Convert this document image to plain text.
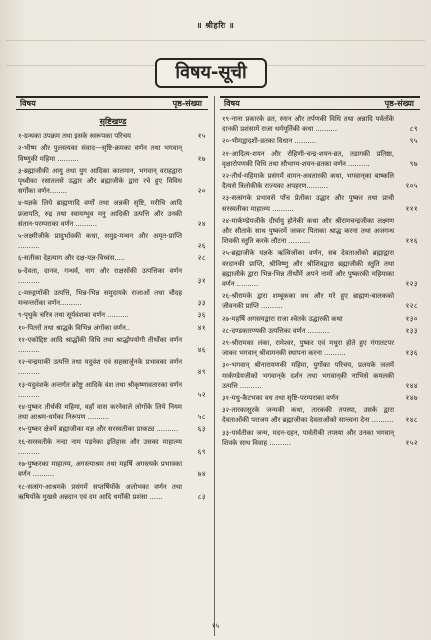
॥ श्रीहरिः ॥
विषय-सूची
विषय	पृष्ठ-संख्या	विषय	पृष्ठ-संख्या
सृष्टिखण्ड
१-ग्रन्थका उपक्रम तथा इसके स्वरूपका परिचय	१५
२-भीष्म और पुलस्त्यका संवाद—सृष्टि-क्रमका वर्णन तथा भगवान् विष्णुकी महिमा ..........	१७
३-ब्रह्माजीकी आयु तथा युग आदिका कालमान, भगवान् वराहद्वारा पृथ्वीका रसातलसे उद्धार और ब्रह्माजीके द्वारा रचे हुए विविध सर्गोंका वर्णन........	२०
४-यज्ञके लिये ब्राह्मणादि वर्णों तथा अन्नकी सृष्टि, मरीचि आदि प्रजापति, रुद्र तथा स्वायम्भुव मनु आदिकी उत्पत्ति और उनकी संतान-परम्पराका वर्णन ..........	२४
५-लक्ष्मीजीके प्रादुर्भावकी कथा, समुद्र-मन्थन और अमृत-प्राप्ति ..........	२६
६-सतीका देहत्याग और दक्ष-यज्ञ-विध्वंस.....	२८
७-देवता, दानव, गन्धर्व, नाग और राक्षसोंकी उत्पत्तिका वर्णन ..........	३१
८-मरुद्गणोंकी उत्पत्ति, भिन्न-भिन्न समुदायके राजाओं तथा चौदह मन्वन्तरोंका वर्णन..........	३३
९-पृथुके चरित्र तथा सूर्यवंशका वर्णन ..........	३६
१०-पितरों तथा श्राद्धके विभिन्न अंगोंका वर्णन..	४१
११-एकोद्दिष्ट आदि श्राद्धोंकी विधि तथा श्राद्धोपयोगी तीर्थोंका वर्णन ..........	४६
१२-चन्द्रमाकी उत्पत्ति तथा यदुवंश एवं सहस्रार्जुनके प्रभावका वर्णन ..........	४९
१३-यदुवंशके अन्तर्गत क्रोष्टु आदिके वंश तथा श्रीकृष्णावतारका वर्णन ..........	५२
१४-पुष्कर तीर्थकी महिमा, वहाँ वास करनेवाले लोगोंके लिये नियम तथा आश्रम-धर्मका निरूपण ..........	५८
१५-पुष्कर क्षेत्रमें ब्रह्माजीका यज्ञ और सरस्वतीका प्राकट्य ..........	६३
१६-सरस्वतीके नन्दा नाम पड़नेका इतिहास और उसका माहात्म्य ..........	६९
१७-पुष्करका माहात्म्य, अगस्त्याश्रम तथा महर्षि अगस्त्यके प्रभावका वर्णन ..........	७४
१८-सत्संग-आश्रमके प्रसंगमें सप्तर्षियोंके अलोभका वर्णन तथा ऋषियोंके मुखसे अन्नदान एवं दम आदि धर्मोंकी प्रशंसा ......	८३
१९-नाना प्रकारके व्रत, स्नान और तर्पणकी विधि तथा अन्नादि पर्वतोंके दानकी प्रशंसामें राजा धर्ममूर्तिकी कथा ..........	८९
२०-भीमद्वादशी-व्रतका विधान ..........	९५
२१-आदित्य-शयन और रोहिणी-चन्द्र-शयन-व्रत, तडागकी प्रतिष्ठा, वृक्षारोपणकी विधि तथा सौभाग्य-शयन-व्रतका वर्णन ..........	९७
२२-तीर्थ-महिमाके प्रसंगमें वामन-अवतारकी कथा, भगवान्‌का बाष्कलि दैत्यसे त्रिलोकीके राज्यका अपहरण..........	१०५
२३-सत्संगके प्रभावसे पाँच प्रेतोंका उद्धार और पुष्कर तथा प्राची सरस्वतीका माहात्म्य ..........	१११
२४-मार्कण्डेयजीके दीर्घायु होनेकी कथा और श्रीरामचन्द्रजीका लक्ष्मण और सीताके साथ पुष्करमें जाकर पिताका श्राद्ध करना तथा अजगन्ध शिवकी स्तुति करके लौटना ..........	११६
२५-ब्रह्माजीके यज्ञके ऋत्विजोंका वर्णन, सब देवताओंको ब्रह्माद्वारा वरदानकी प्राप्ति, श्रीविष्णु और श्रीशिवद्वारा ब्रह्माजीकी स्तुति तथा ब्रह्माजीके द्वारा भिन्न-भिन्न तीर्थोंमें अपने नामों और पुष्करकी महिमाका वर्णन ..........	१२३
२६-श्रीरामके द्वारा शम्बूकका वध और मरे हुए ब्राह्मण-बालकको जीवनकी प्राप्ति ..........	१२८
२७-महर्षि अगस्त्यद्वारा राजा श्वेतके उद्धारकी कथा	१३०
२८-दण्डकारण्यकी उत्पत्तिका वर्णन ..........	१३३
२९-श्रीरामका लंका, रामेश्वर, पुष्कर एवं मथुरा होते हुए गंगातटपर जाकर भगवान् श्रीवामनकी स्थापना करना ..........	१३६
३०-भगवान् श्रीनारायणकी महिमा, युगोंका परिचय, प्रलयके जलमें मार्कण्डेयजीको भगवान्‌के दर्शन तथा भगवान्‌की नाभिसे कमलकी उत्पत्ति ..........	१४४
३१-मधु-कैटभका वध तथा सृष्टि-परम्पराका वर्णन	१४७
३२-तारकासुरके जन्मकी कथा, तारककी तपस्या, उसके द्वारा देवताओंकी पराजय और ब्रह्माजीका देवताओंको सान्त्वना देना .......... १४८
३३-पार्वतीका जन्म, मदन-दहन, पार्वतीकी तपस्या और उनका भगवान् शिवके साथ विवाह ..........	१५२
१५
